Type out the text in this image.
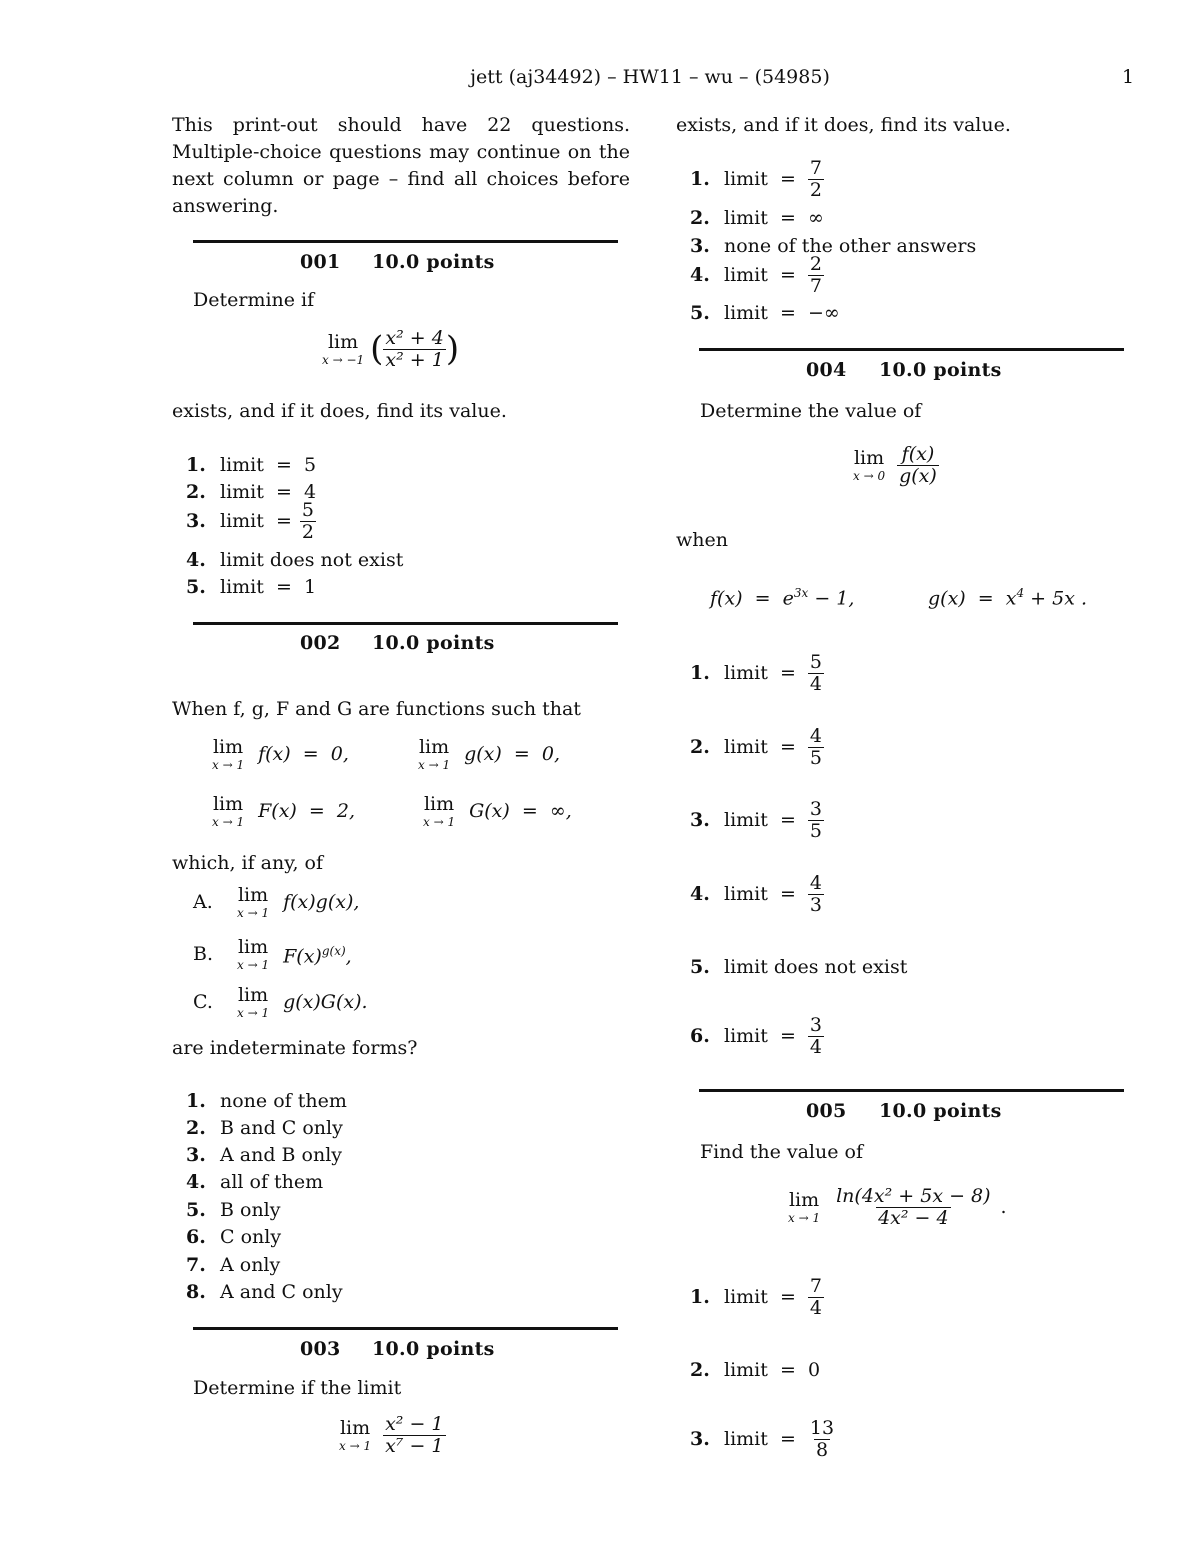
jett (aj34492) – HW11 – wu – (54985)	1
This print-out should have 22 questions. Multiple-choice questions may continue on the next column or page – find all choices before answering.
001 10.0 points
Determine if
lim
x → −1 ( $\frac{\text{x² + 4}}{\text{x² + 1}}$ )
exists, and if it does, find its value.
1. limit  =  5
2. limit  =  4
3. limit  = $\frac{5}{2}$
4. limit does not exist
5. limit  =  1
002 10.0 points
When f, g, F and G are functions such that
lim
x → 1 f(x)  =  0,	lim
x → 1 g(x)  =  0,
lim
x → 1 F(x)  =  2,	lim
x → 1 G(x)  =  ∞,
which, if any, of
A.	lim
x → 1 f(x)g(x),
B.	lim
x → 1 $F(x)^{g(x)}$,
C.	lim
x → 1 g(x)G(x).
are indeterminate forms?
1. none of them
2. B and C only
3. A and B only
4. all of them
5. B only
6. C only
7. A only
8. A and C only
003 10.0 points
Determine if the limit
lim
$x \to 1 \frac{\text{x² − 1}}{\text{x⁷ − 1}}$
exists, and if it does, find its value.
1. limit  = $\frac{7}{2}$
2. limit  =  ∞
3. none of the other answers
4. limit  = $\frac{2}{7}$
5. limit  =  −∞
004 10.0 points
Determine the value of
lim
$x \to 0 \frac{f(x)}{g(x)}$
when
$f(x) = e^{3x} - 1$,	$g(x) = x^4 + 5x$ .
1. limit  = $\frac{5}{4}$
2. limit  = $\frac{4}{5}$
3. limit  = $\frac{3}{5}$
4. limit  = $\frac{4}{3}$
5. limit does not exist
6. limit  = $\frac{3}{4}$
005 10.0 points
Find the value of
lim
$x \to 1 \frac{\text{ln(4x² + 5x − 8)}}{\text{4x² − 4}}$ .
1. limit  = $\frac{7}{4}$
2. limit  =  0
3. limit  = $\frac{13}{8}$
